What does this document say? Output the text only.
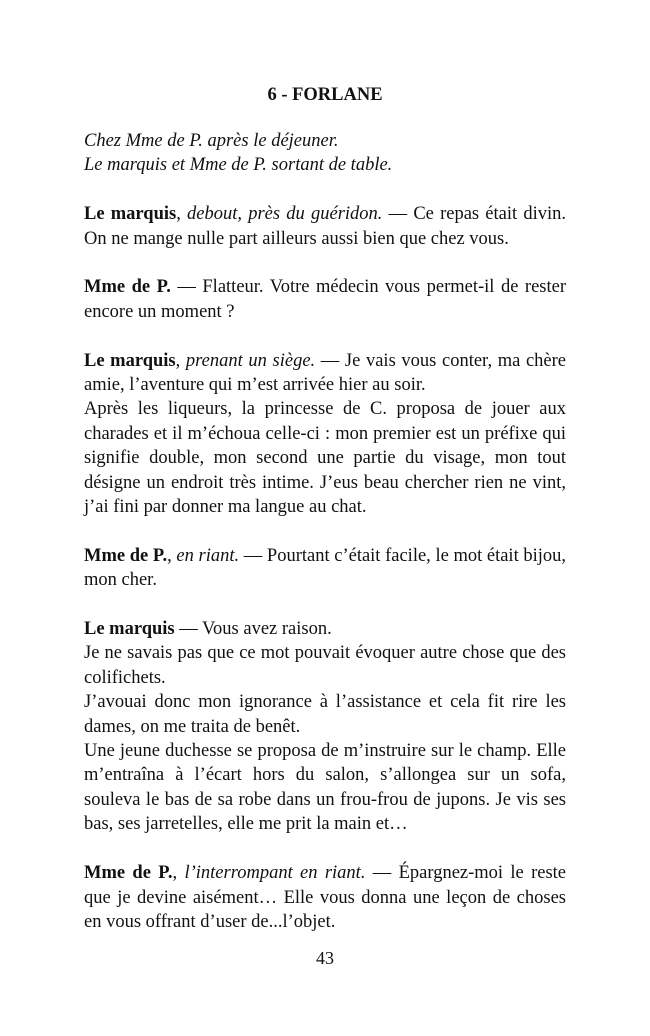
6 - FORLANE

Chez Mme de P. après le déjeuner.

Le marquis et Mme de P. sortant de table.

Le marquis, debout, près du guéridon. — Ce repas était divin. On ne mange nulle part ailleurs aussi bien que chez vous.

Mme de P. — Flatteur. Votre médecin vous permet-il de rester encore un moment ?

Le marquis, prenant un siège. — Je vais vous conter, ma chère amie, l’aventure qui m’est arrivée hier au soir.

Après les liqueurs, la princesse de C. proposa de jouer aux charades et il m’échoua celle-ci : mon premier est un préfixe qui signifie double, mon second une partie du visage, mon tout désigne un endroit très intime. J’eus beau chercher rien ne vint, j’ai fini par donner ma langue au chat.

Mme de P., en riant. — Pourtant c’était facile, le mot était bijou, mon cher.

Le marquis — Vous avez raison.

Je ne savais pas que ce mot pouvait évoquer autre chose que des colifichets.

J’avouai donc mon ignorance à l’assistance et cela fit rire les dames, on me traita de benêt.

Une jeune duchesse se proposa de m’instruire sur le champ. Elle m’entraîna à l’écart hors du salon, s’allongea sur un sofa, souleva le bas de sa robe dans un frou-frou de jupons. Je vis ses bas, ses jarretelles, elle me prit la main et…

Mme de P., l’interrompant en riant. — Épargnez-moi le reste que je devine aisément… Elle vous donna une leçon de choses en vous offrant d’user de...l’objet.

43
